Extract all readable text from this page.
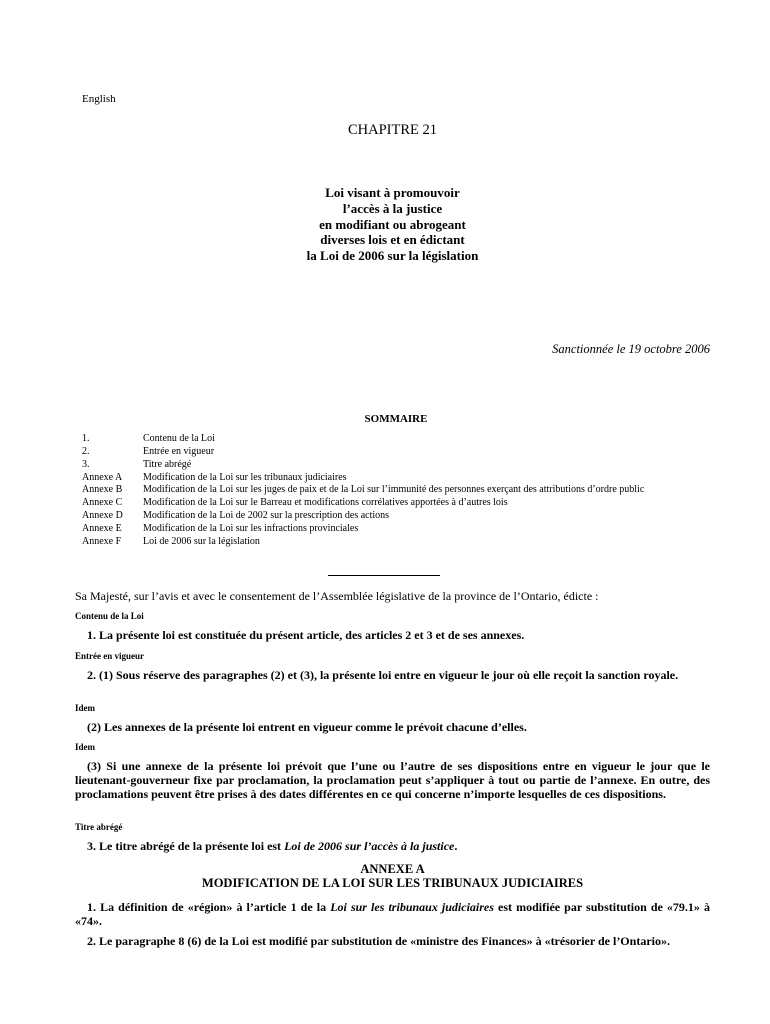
English
CHAPITRE 21
Loi visant à promouvoir
l’accès à la justice
en modifiant ou abrogeant
diverses lois et en édictant
la Loi de 2006 sur la législation
Sanctionnée le 19 octobre 2006
SOMMAIRE
1.	Contenu de la Loi
2.	Entrée en vigueur
3.	Titre abrégé
Annexe A	Modification de la Loi sur les tribunaux judiciaires
Annexe B	Modification de la Loi sur les juges de paix et de la Loi sur l’immunité des personnes exerçant des attributions d’ordre public
Annexe C	Modification de la Loi sur le Barreau et modifications corrélatives apportées à d’autres lois
Annexe D	Modification de la Loi de 2002 sur la prescription des actions
Annexe E	Modification de la Loi sur les infractions provinciales
Annexe F	Loi de 2006 sur la législation
Sa Majesté, sur l’avis et avec le consentement de l’Assemblée législative de la province de l’Ontario, édicte :
Contenu de la Loi
1. La présente loi est constituée du présent article, des articles 2 et 3 et de ses annexes.
Entrée en vigueur
2. (1) Sous réserve des paragraphes (2) et (3), la présente loi entre en vigueur le jour où elle reçoit la sanction royale.
Idem
(2) Les annexes de la présente loi entrent en vigueur comme le prévoit chacune d’elles.
Idem
(3) Si une annexe de la présente loi prévoit que l’une ou l’autre de ses dispositions entre en vigueur le jour que le lieutenant-gouverneur fixe par proclamation, la proclamation peut s’appliquer à tout ou partie de l’annexe. En outre, des proclamations peuvent être prises à des dates différentes en ce qui concerne n’importe lesquelles de ces dispositions.
Titre abrégé
3. Le titre abrégé de la présente loi est Loi de 2006 sur l’accès à la justice.
ANNEXE A
MODIFICATION DE LA LOI SUR LES TRIBUNAUX JUDICIAIRES
1. La définition de «région» à l’article 1 de la Loi sur les tribunaux judiciaires est modifiée par substitution de «79.1» à «74».
2. Le paragraphe 8 (6) de la Loi est modifié par substitution de «ministre des Finances» à «trésorier de l’Ontario».
